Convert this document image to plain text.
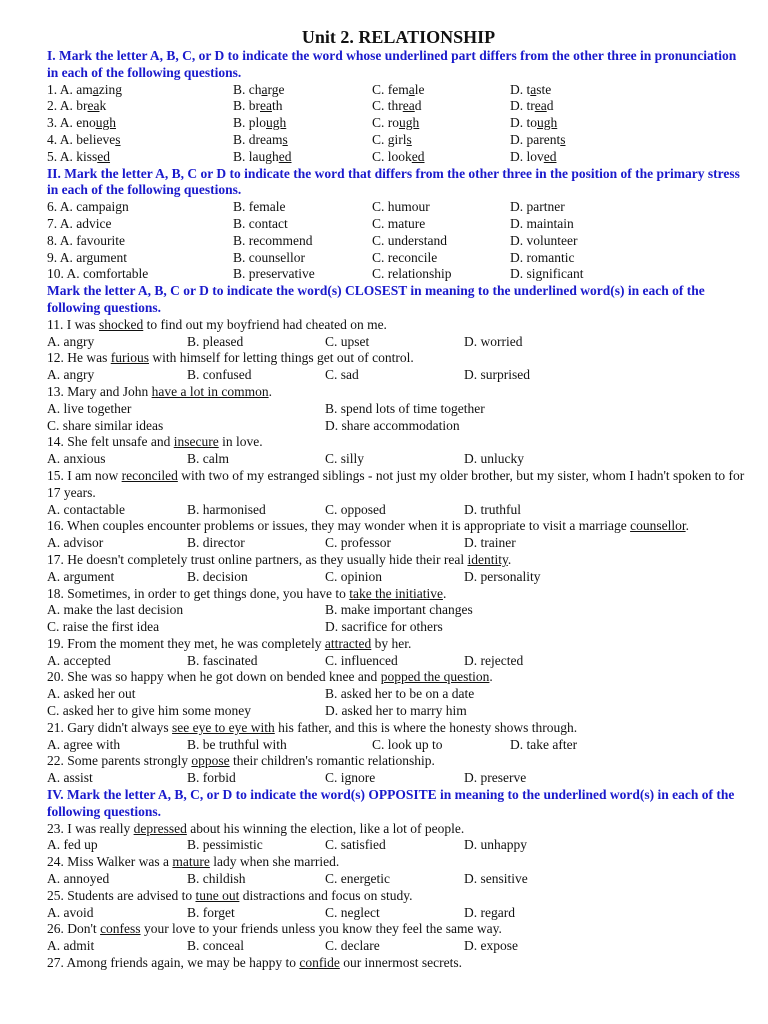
Unit 2. RELATIONSHIP
I. Mark the letter A, B, C, or D to indicate the word whose underlined part differs from the other three in pronunciation in each of the following questions.
1. A. amazing	B. charge	C. female	D. taste
2. A. break	B. breath	C. thread	D. tread
3. A. enough	B. plough	C. rough	D. tough
4. A. believes	B. dreams	C. girls	D. parents
5. A. kissed	B. laughed	C. looked	D. loved
II. Mark the letter A, B, C or D to indicate the word that differs from the other three in the position of the primary stress in each of the following questions.
6. A. campaign	B. female	C. humour	D. partner
7. A. advice	B. contact	C. mature	D. maintain
8. A. favourite	B. recommend	C. understand	D. volunteer
9. A. argument	B. counsellor	C. reconcile	D. romantic
10. A. comfortable	B. preservative	C. relationship	D. significant
Mark the letter A, B, C or D to indicate the word(s) CLOSEST in meaning to the underlined word(s) in each of the following questions.
11. I was shocked to find out my boyfriend had cheated on me.
A. angry	B. pleased	C. upset	D. worried
12. He was furious with himself for letting things get out of control.
A. angry	B. confused	C. sad	D. surprised
13. Mary and John have a lot in common.
A. live together	B. spend lots of time together
C. share similar ideas	D. share accommodation
14. She felt unsafe and insecure in love.
A. anxious	B. calm	C. silly	D. unlucky
15. I am now reconciled with two of my estranged siblings - not just my older brother, but my sister, whom I hadn't spoken to for 17 years.
A. contactable	B. harmonised	C. opposed	D. truthful
16. When couples encounter problems or issues, they may wonder when it is appropriate to visit a marriage counsellor.
A. advisor	B. director	C. professor	D. trainer
17. He doesn't completely trust online partners, as they usually hide their real identity.
A. argument	B. decision	C. opinion	D. personality
18. Sometimes, in order to get things done, you have to take the initiative.
A. make the last decision	B. make important changes
C. raise the first idea	D. sacrifice for others
19. From the moment they met, he was completely attracted by her.
A. accepted	B. fascinated	C. influenced	D. rejected
20. She was so happy when he got down on bended knee and popped the question.
A. asked her out	B. asked her to be on a date
C. asked her to give him some money	D. asked her to marry him
21. Gary didn't always see eye to eye with his father, and this is where the honesty shows through.
A. agree with	B. be truthful with	C. look up to	D. take after
22. Some parents strongly oppose their children's romantic relationship.
A. assist	B. forbid	C. ignore	D. preserve
IV. Mark the letter A, B, C, or D to indicate the word(s) OPPOSITE in meaning to the underlined word(s) in each of the following questions.
23. I was really depressed about his winning the election, like a lot of people.
A. fed up	B. pessimistic	C. satisfied	D. unhappy
24. Miss Walker was a mature lady when she married.
A. annoyed	B. childish	C. energetic	D. sensitive
25. Students are advised to tune out distractions and focus on study.
A. avoid	B. forget	C. neglect	D. regard
26. Don't confess your love to your friends unless you know they feel the same way.
A. admit	B. conceal	C. declare	D. expose
27. Among friends again, we may be happy to confide our innermost secrets.
